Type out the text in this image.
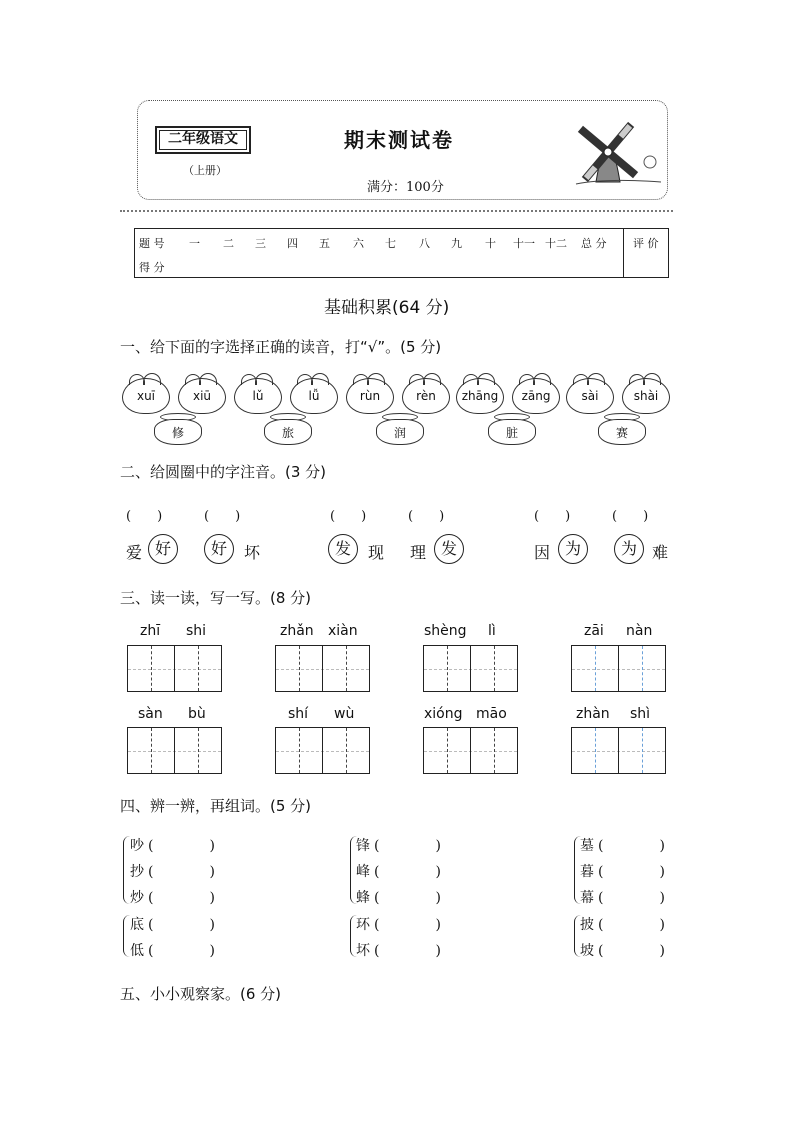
二年级语文
（上册）
期末测试卷
满分：100分
题 号 一 二 三 四 五 六 七 八 九 十 十一 十二 总 分 评 价
得 分
基础积累(64 分)
一、给下面的字选择正确的读音，打“√”。(5 分)
xuī	xiū
修
lǔ	lǚ
旅
rùn	rèn
润
zhāng zāng
脏
sài	shài
赛
二、给圆圈中的字注音。(3 分)
(　　)	(　　)	(　　)	(　　)	(　　)	(　　)
爱 好	好	坏	发	现 理 发	因 为	为 难
三、读一读，写一写。(8 分)
zhī shi	zhǎn xiàn	shèng lì	zāi nàn
sàn bù	shí wù	xióng māo	zhàn shì
四、辨一辨，再组词。(5 分)
吵 (　　　　)
抄 (　　　　)
炒 (　　　　)
底 (　　　　)
低 (　　　　)
锋 (　　　　)
峰 (　　　　)
蜂 (　　　　)
环 (　　　　)
坏 (　　　　)
墓 (　　　　)
暮 (　　　　)
幕 (　　　　)
披 (　　　　)
坡 (　　　　)
五、小小观察家。(6 分)
